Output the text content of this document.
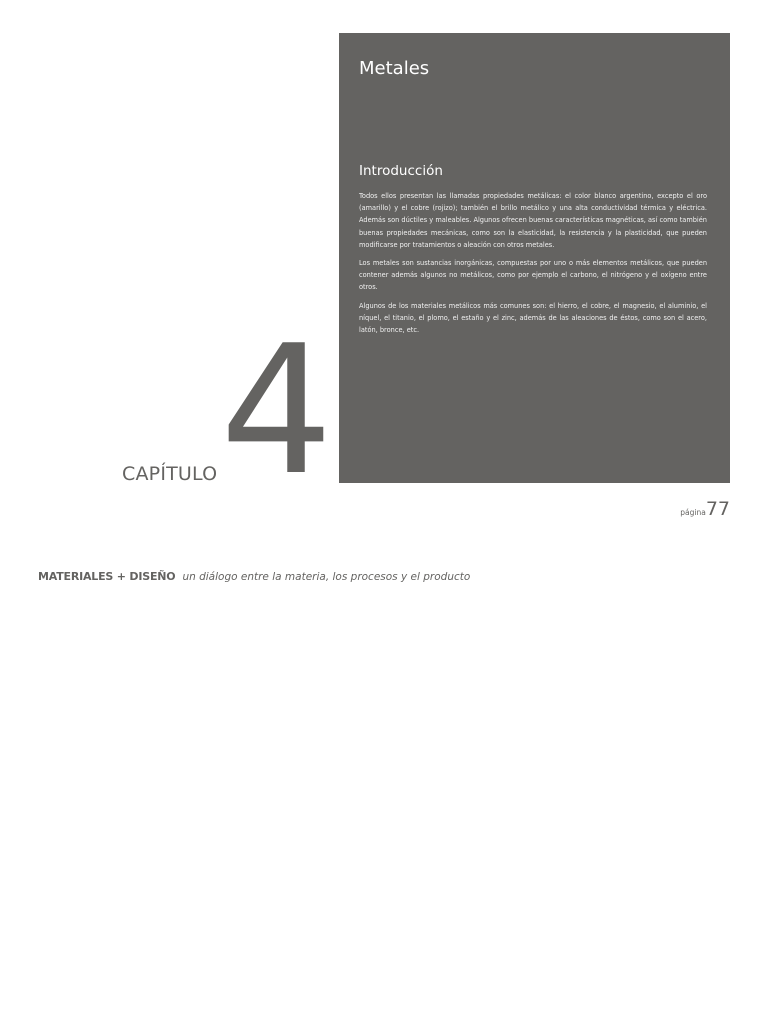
Metales
Introducción

Todos ellos presentan las llamadas propiedades metálicas: el color blanco argentino, excepto el oro (amarillo) y el cobre (rojizo); también el brillo metálico y una alta conductividad térmica y eléctrica. Además son dúctiles y maleables. Algunos ofrecen buenas características magnéticas, así como también buenas propiedades mecánicas, como son la elasticidad, la resistencia y la plasticidad, que pueden modificarse por tratamientos o aleación con otros metales.

Los metales son sustancias inorgánicas, compuestas por uno o más elementos metálicos, que pueden contener además algunos no metálicos, como por ejemplo el carbono, el nitrógeno y el oxígeno entre otros.

Algunos de los materiales metálicos más comunes son: el hierro, el cobre, el magnesio, el aluminio, el níquel, el titanio, el plomo, el estaño y el zinc, además de las aleaciones de éstos, como son el acero, latón, bronce, etc.

4
CAPÍTULO
página77
MATERIALES + DISEÑO un diálogo entre la materia, los procesos y el producto
